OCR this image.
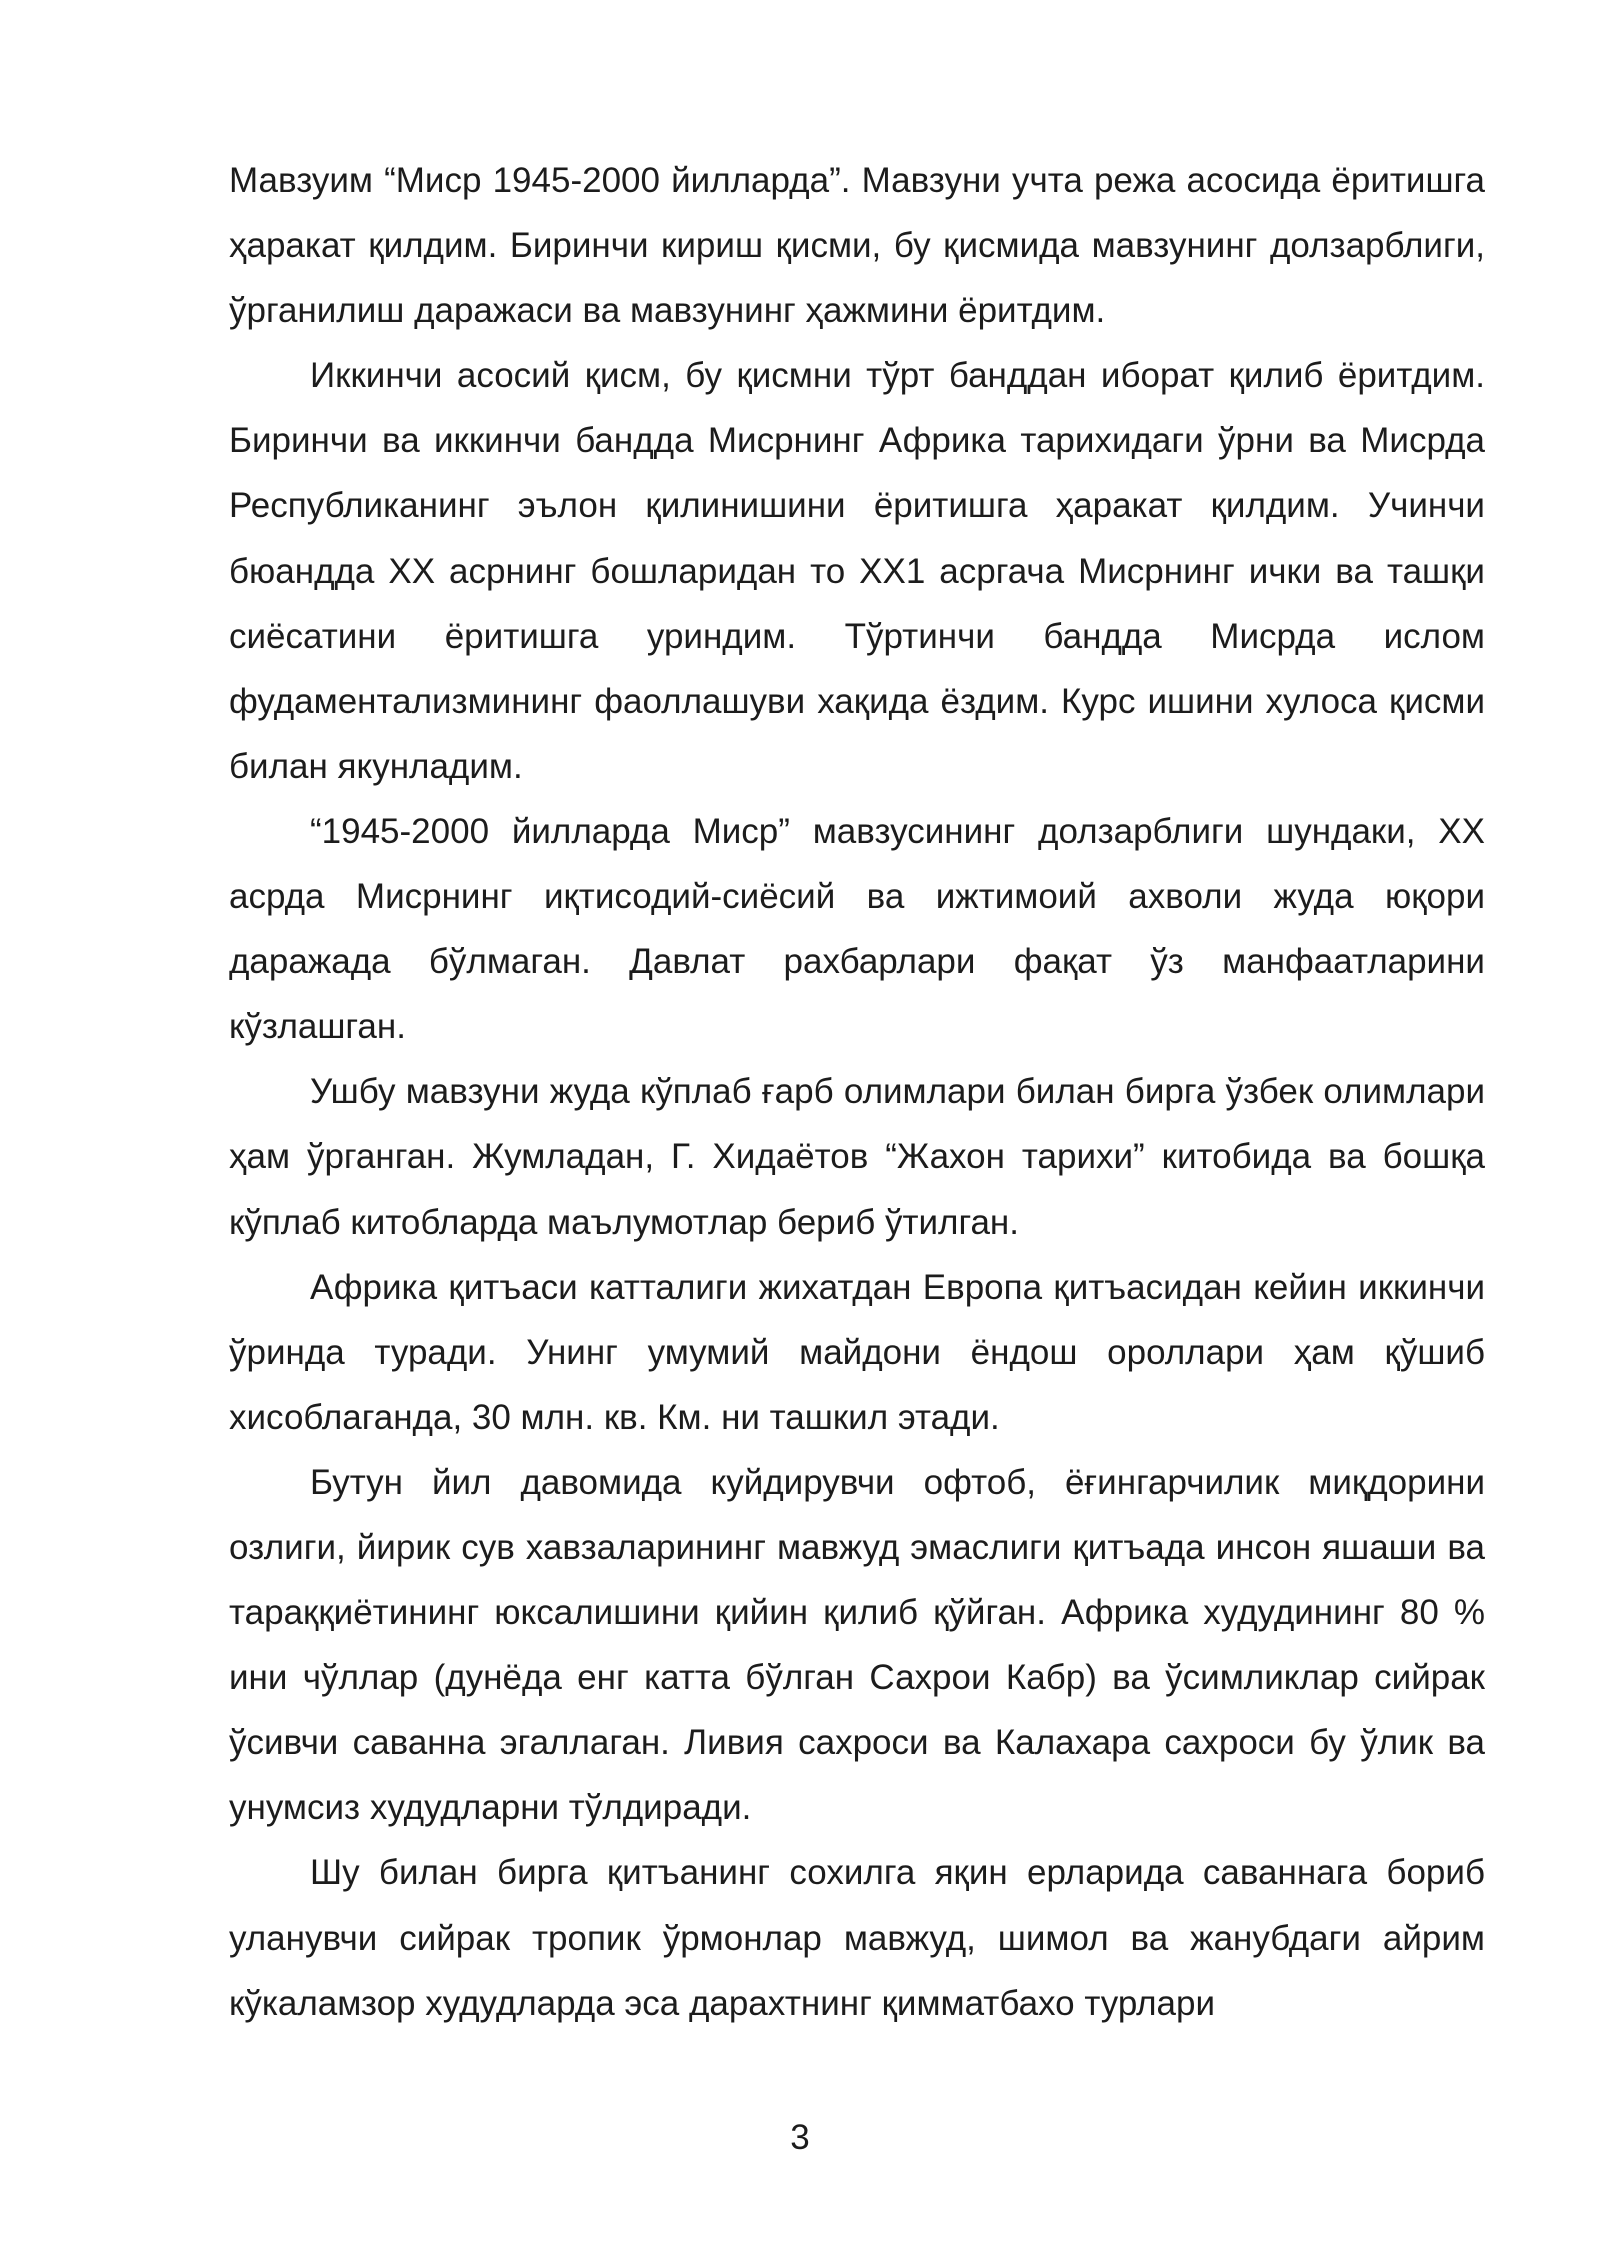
Мавзуим “Миср 1945-2000 йилларда”. Мавзуни учта режа асосида ёритишга ҳаракат қилдим. Биринчи кириш қисми, бу қисмида мавзунинг долзарблиги, ўрганилиш даражаси ва мавзунинг ҳажмини ёритдим.

Иккинчи асосий қисм, бу қисмни тўрт банддан иборат қилиб ёритдим. Биринчи ва иккинчи бандда Мисрнинг Африка тарихидаги ўрни ва Мисрда Республиканинг эълон қилинишини ёритишга ҳаракат қилдим. Учинчи бюандда ХХ асрнинг бошларидан то ХХ1 асргача Мисрнинг ички ва ташқи сиёсатини ёритишга уриндим. Тўртинчи бандда Мисрда ислом фудаментализмининг фаоллашуви хақида ёздим. Курс ишини хулоса қисми билан якунладим.

“1945-2000 йилларда Миср” мавзусининг долзарблиги шундаки, ХХ асрда Мисрнинг иқтисодий-сиёсий ва ижтимоий ахволи жуда юқори даражада бўлмаган. Давлат рахбарлари фақат ўз манфаатларини кўзлашган.

Ушбу мавзуни жуда кўплаб ғарб олимлари билан бирга ўзбек олимлари ҳам ўрганган. Жумладан, Г. Хидаётов “Жахон тарихи” китобида ва бошқа кўплаб китобларда маълумотлар бериб ўтилган.

Африка қитъаси катталиги жихатдан Европа қитъасидан кейин иккинчи ўринда туради. Унинг умумий майдони ёндош ороллари ҳам қўшиб хисоблаганда, 30 млн. кв. Км. ни ташкил этади.

Бутун йил давомида куйдирувчи офтоб, ёғингарчилик миқдорини озлиги, йирик сув хавзаларининг мавжуд эмаслиги қитъада инсон яшаши ва тараққиётининг юксалишини қийин қилиб қўйган. Африка худудининг 80 % ини чўллар (дунёда енг катта бўлган Сахрои Кабр) ва ўсимликлар сийрак ўсивчи саванна эгаллаган. Ливия сахроси ва Калахара сахроси бу ўлик ва унумсиз худудларни тўлдиради.

Шу билан бирга қитъанинг сохилга яқин ерларида саваннага бориб уланувчи сийрак тропик ўрмонлар мавжуд, шимол ва жанубдаги айрим кўкаламзор худудларда эса дарахтнинг қимматбахо турлари

3
